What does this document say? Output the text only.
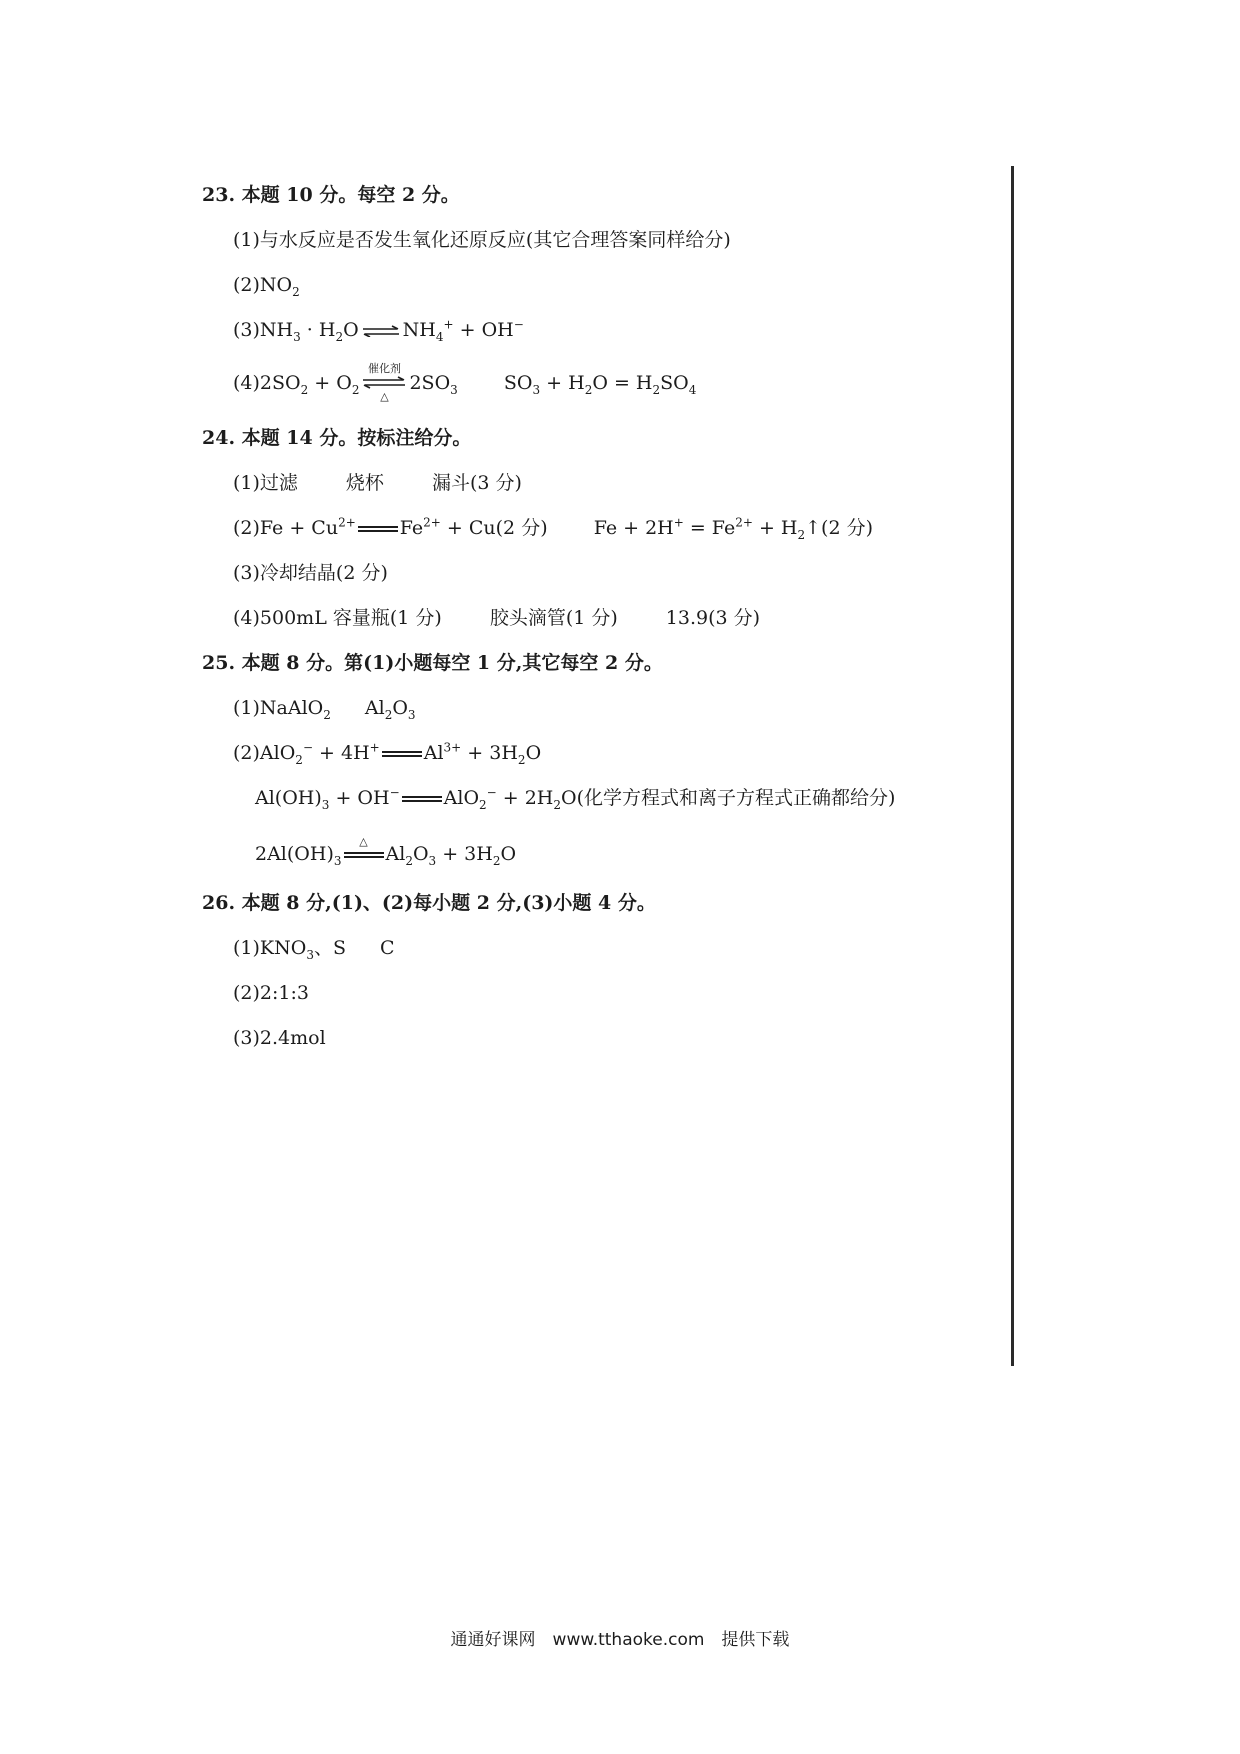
23. 本题 10 分。每空 2 分。
(1)与水反应是否发生氧化还原反应(其它合理答案同样给分)
$(2)NO_2$
$(3)NH_3 \cdot H_2O$ ⇌ $NH_4^+ + OH^-$
$(4)2SO_2 + O_2$
催化剂
△
$2SO_3$ $SO_3 + H_2O = H_2SO_4$
24. 本题 14 分。按标注给分。
(1)过滤	烧杯	漏斗(3 分)
$(2)Fe + Cu^{2+}$ $Fe^{2+} + Cu(2$ 分) $Fe + 2H^+ = Fe^{2+}$ + $H_2↑(2$ 分)
(3)冷却结晶(2 分)
(4)500mL 容量瓶(1 分)	胶头滴管(1 分)	13.9(3 分)
25. 本题 8 分。第(1)小题每空 1 分,其它每空 2 分。
(1)NaAlO$_2$ $Al_2O_3$
(2)AlO$_2$− + 4H+ $Al^{3+} + 3H_2O$
$Al(OH)_3 + OH^-$ $AlO_2^- + 2H_2O$(化学方程式和离子方程式正确都给分)
$2Al(OH)_3$
△
$Al_2O_3 + 3H_2O$
26. 本题 8 分,(1)、(2)每小题 2 分,(3)小题 4 分。
$(1)KNO_3$、S C
(2)2:1:3
(3)2.4mol
通通好课网　www.tthaoke.com　提供下载
